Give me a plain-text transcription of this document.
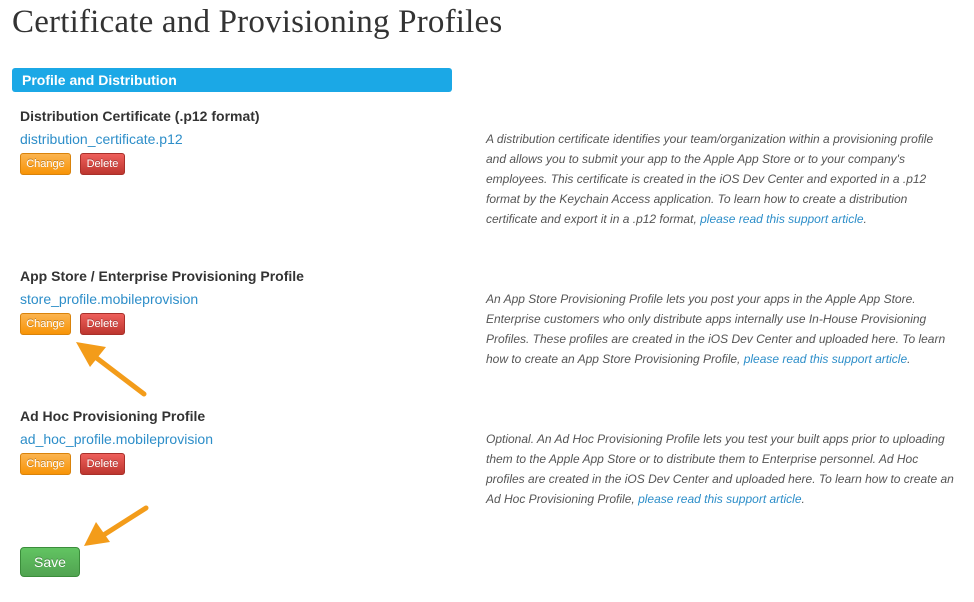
Certificate and Provisioning Profiles
Profile and Distribution
Distribution Certificate (.p12 format)
distribution_certificate.p12
Change	Delete

A distribution certificate identifies your team/organization within a provisioning profile and allows you to submit your app to the Apple App Store or to your company's employees. This certificate is created in the iOS Dev Center and exported in a .p12 format by the Keychain Access application. To learn how to create a distribution certificate and export it in a .p12 format, please read this support article.

App Store / Enterprise Provisioning Profile
store_profile.mobileprovision
Change	Delete

An App Store Provisioning Profile lets you post your apps in the Apple App Store. Enterprise customers who only distribute apps internally use In-House Provisioning Profiles. These profiles are created in the iOS Dev Center and uploaded here. To learn how to create an App Store Provisioning Profile, please read this support article.

Ad Hoc Provisioning Profile
ad_hoc_profile.mobileprovision
Change	Delete

Optional. An Ad Hoc Provisioning Profile lets you test your built apps prior to uploading them to the Apple App Store or to distribute them to Enterprise personnel. Ad Hoc profiles are created in the iOS Dev Center and uploaded here. To learn how to create an Ad Hoc Provisioning Profile, please read this support article.

Save
